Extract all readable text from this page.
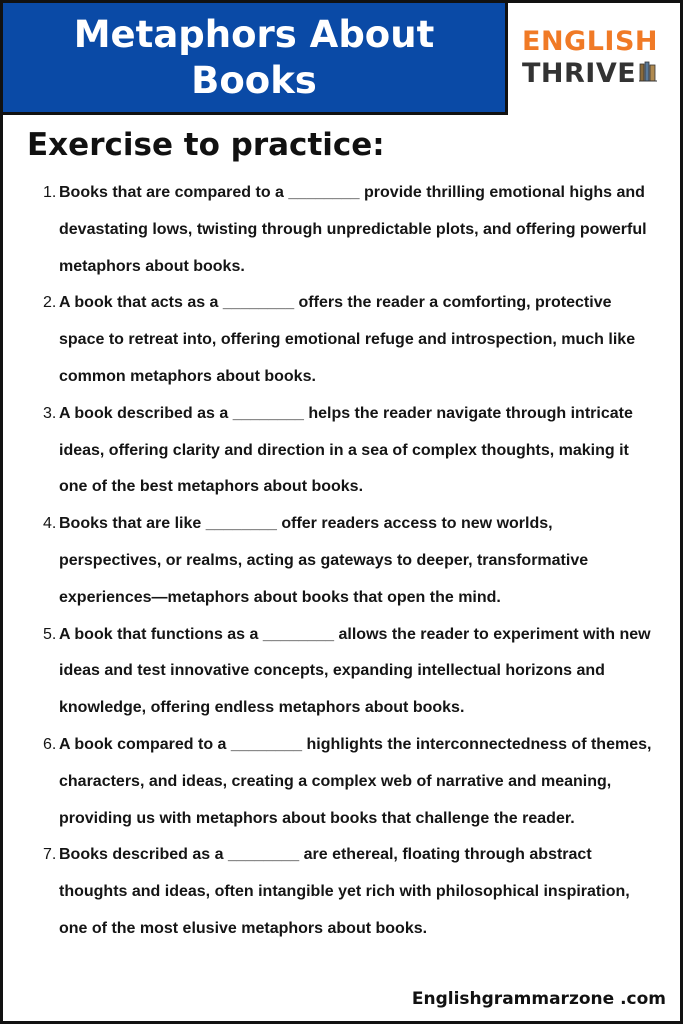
Metaphors About
Books
ENGLISH
THRIVE
Exercise to practice:
1. Books that are compared to a ________ provide thrilling emotional highs and devastating lows, twisting through unpredictable plots, and offering powerful metaphors about books.
2. A book that acts as a ________ offers the reader a comforting, protective space to retreat into, offering emotional refuge and introspection, much like common metaphors about books.
3. A book described as a ________ helps the reader navigate through intricate ideas, offering clarity and direction in a sea of complex thoughts, making it one of the best metaphors about books.
4. Books that are like ________ offer readers access to new worlds, perspectives, or realms, acting as gateways to deeper, transformative experiences—metaphors about books that open the mind.
5. A book that functions as a ________ allows the reader to experiment with new ideas and test innovative concepts, expanding intellectual horizons and knowledge, offering endless metaphors about books.
6. A book compared to a ________ highlights the interconnectedness of themes, characters, and ideas, creating a complex web of narrative and meaning, providing us with metaphors about books that challenge the reader.
7. Books described as a ________ are ethereal, floating through abstract thoughts and ideas, often intangible yet rich with philosophical inspiration, one of the most elusive metaphors about books.
Englishgrammarzone .com
